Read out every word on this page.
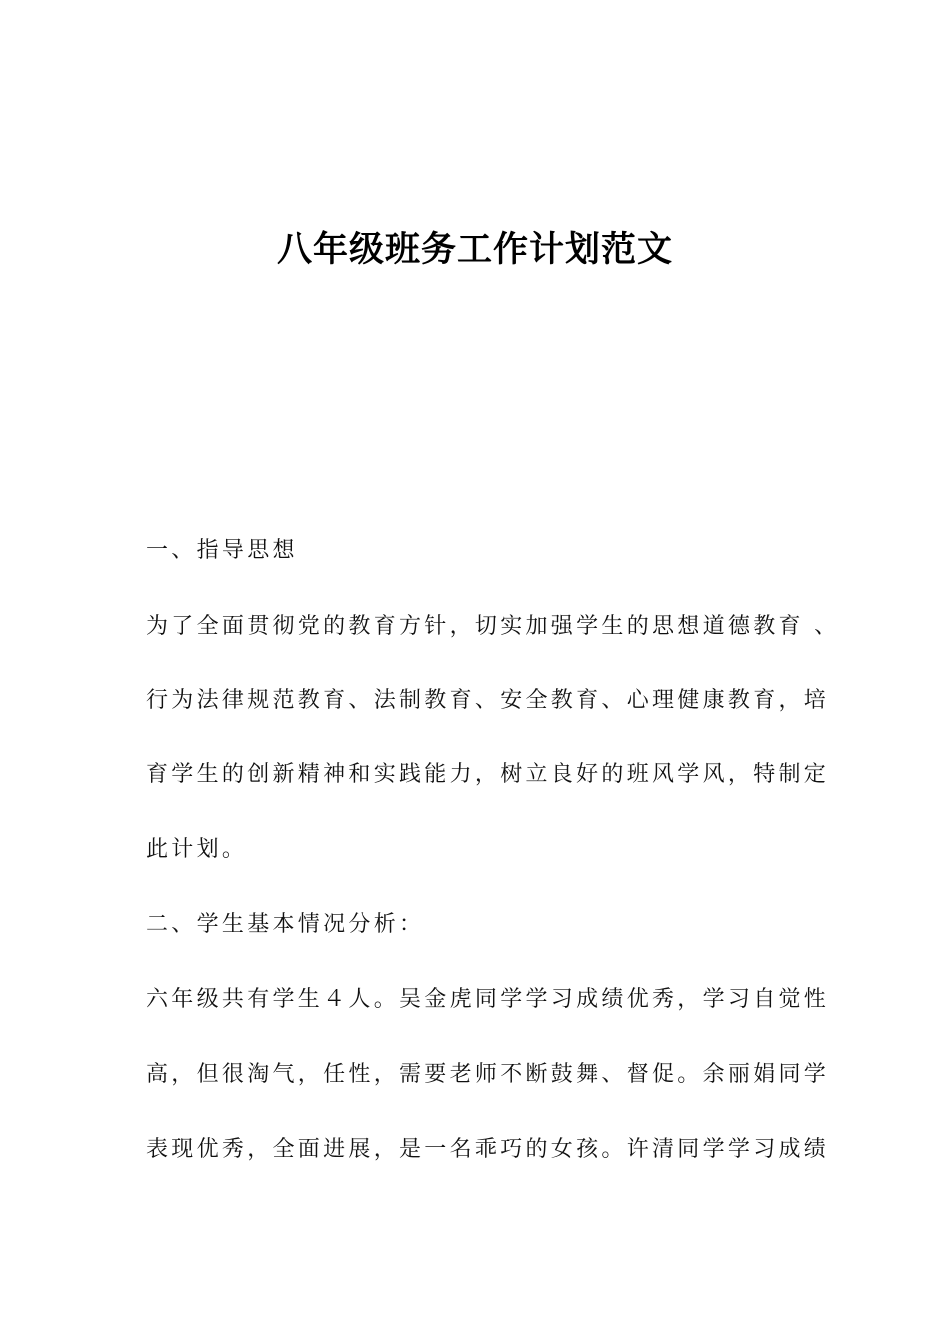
八年级班务工作计划范文

一、指导思想

为了全面贯彻党的教育方针，切实加强学生的思想道德教育 、

行为法律规范教育、法制教育、安全教育、心理健康教育，培

育学生的创新精神和实践能力，树立良好的班风学风，特制定

此计划。

二、学生基本情况分析：

六年级共有学生４人。吴金虎同学学习成绩优秀，学习自觉性

高，但很淘气，任性，需要老师不断鼓舞、督促。余丽娟同学

表现优秀，全面进展，是一名乖巧的女孩。许清同学学习成绩
